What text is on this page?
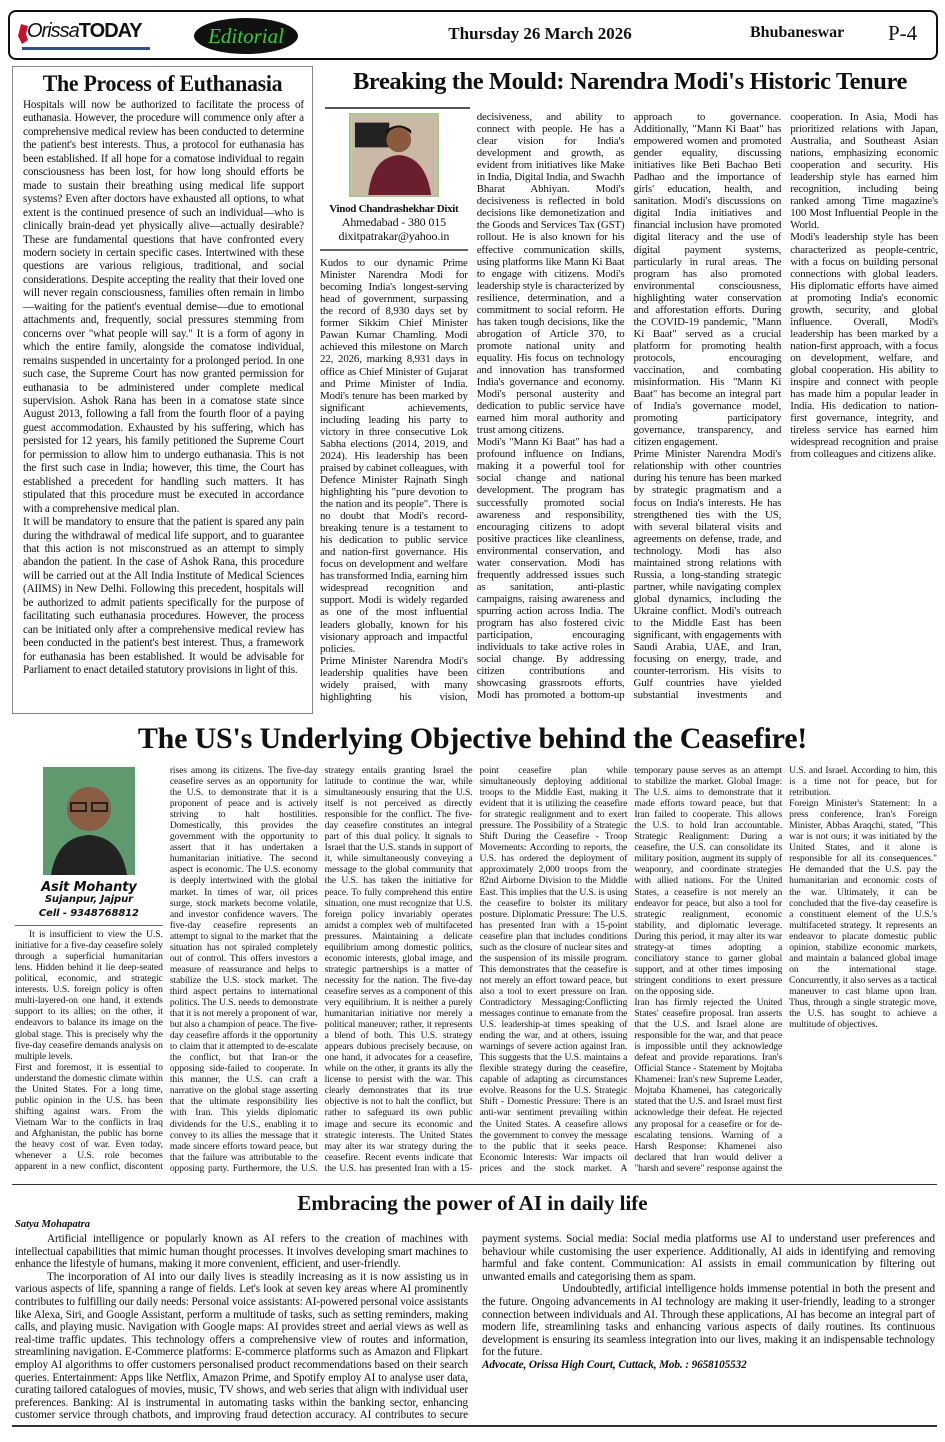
OrissaTODAY	Editorial	Thursday 26 March 2026	Bhubaneswar P-4
The Process of Euthanasia

Hospitals will now be authorized to facilitate the process of euthanasia. However, the procedure will commence only after a comprehensive medical review has been conducted to determine the patient's best interests. Thus, a protocol for euthanasia has been established. If all hope for a comatose individual to regain consciousness has been lost, for how long should efforts be made to sustain their breathing using medical life support systems? Even after doctors have exhausted all options, to what extent is the continued presence of such an individual—who is clinically brain-dead yet physically alive—actually desirable? These are fundamental questions that have confronted every modern society in certain specific cases. Intertwined with these questions are various religious, traditional, and social considerations. Despite accepting the reality that their loved one will never regain consciousness, families often remain in limbo—waiting for the patient's eventual demise—due to emotional attachments and, frequently, social pressures stemming from concerns over "what people will say." It is a form of agony in which the entire family, alongside the comatose individual, remains suspended in uncertainty for a prolonged period. In one such case, the Supreme Court has now granted permission for euthanasia to be administered under complete medical supervision. Ashok Rana has been in a comatose state since August 2013, following a fall from the fourth floor of a paying guest accommodation. Exhausted by his suffering, which has persisted for 12 years, his family petitioned the Supreme Court for permission to allow him to undergo euthanasia. This is not the first such case in India; however, this time, the Court has established a precedent for handling such matters. It has stipulated that this procedure must be executed in accordance with a comprehensive medical plan.

It will be mandatory to ensure that the patient is spared any pain during the withdrawal of medical life support, and to guarantee that this action is not misconstrued as an attempt to simply abandon the patient. In the case of Ashok Rana, this procedure will be carried out at the All India Institute of Medical Sciences (AIIMS) in New Delhi. Following this precedent, hospitals will be authorized to admit patients specifically for the purpose of facilitating such euthanasia procedures. However, the process can be initiated only after a comprehensive medical review has been conducted in the patient's best interest. Thus, a framework for euthanasia has been established. It would be advisable for Parliament to enact detailed statutory provisions in light of this.

Breaking the Mould: Narendra Modi's Historic Tenure
Vinod Chandrashekhar Dixit
Ahmedabad - 380 015
dixitpatrakar@yahoo.in

Kudos to our dynamic Prime Minister Narendra Modi for becoming India's longest-serving head of government, surpassing the record of 8,930 days set by former Sikkim Chief Minister Pawan Kumar Chamling. Modi achieved this milestone on March 22, 2026, marking 8,931 days in office as Chief Minister of Gujarat and Prime Minister of India. Modi's tenure has been marked by significant achievements, including leading his party to victory in three consecutive Lok Sabha elections (2014, 2019, and 2024). His leadership has been praised by cabinet colleagues, with Defence Minister Rajnath Singh highlighting his "pure devotion to the nation and its people". There is no doubt that Modi's record-breaking tenure is a testament to his dedication to public service and nation-first governance. His focus on development and welfare has transformed India, earning him widespread recognition and support. Modi is widely regarded as one of the most influential leaders globally, known for his visionary approach and impactful policies.

Prime Minister Narendra Modi's leadership qualities have been widely praised, with many highlighting his vision, decisiveness, and ability to connect with people. He has a clear vision for India's development and growth, as evident from initiatives like Make in India, Digital India, and Swachh Bharat Abhiyan. Modi's decisiveness is reflected in bold decisions like demonetization and the Goods and Services Tax (GST) rollout. He is also known for his effective communication skills, using platforms like Mann Ki Baat to engage with citizens. Modi's leadership style is characterized by resilience, determination, and a commitment to social reform. He has taken tough decisions, like the abrogation of Article 370, to promote national unity and equality. His focus on technology and innovation has transformed India's governance and economy. Modi's personal austerity and dedication to public service have earned him moral authority and trust among citizens.

Modi's "Mann Ki Baat" has had a profound influence on Indians, making it a powerful tool for social change and national development. The program has successfully promoted social awareness and responsibility, encouraging citizens to adopt positive practices like cleanliness, environmental conservation, and water conservation. Modi has frequently addressed issues such as sanitation, anti-plastic campaigns, raising awareness and spurring action across India. The program has also fostered civic participation, encouraging individuals to take active roles in social change. By addressing citizen contributions and showcasing grassroots efforts, Modi has promoted a bottom-up approach to governance. Additionally, "Mann Ki Baat" has empowered women and promoted gender equality, discussing initiatives like Beti Bachao Beti Padhao and the importance of girls' education, health, and sanitation. Modi's discussions on digital India initiatives and financial inclusion have promoted digital literacy and the use of digital payment systems, particularly in rural areas. The program has also promoted environmental consciousness, highlighting water conservation and afforestation efforts. During the COVID-19 pandemic, "Mann Ki Baat" served as a crucial platform for promoting health protocols, encouraging vaccination, and combating misinformation. His "Mann Ki Baat" has become an integral part of India's governance model, promoting participatory governance, transparency, and citizen engagement.

Prime Minister Narendra Modi's relationship with other countries during his tenure has been marked by strategic pragmatism and a focus on India's interests. He has strengthened ties with the US, with several bilateral visits and agreements on defense, trade, and technology. Modi has also maintained strong relations with Russia, a long-standing strategic partner, while navigating complex global dynamics, including the Ukraine conflict. Modi's outreach to the Middle East has been significant, with engagements with Saudi Arabia, UAE, and Iran, focusing on energy, trade, and counter-terrorism. His visits to Gulf countries have yielded substantial investments and cooperation. In Asia, Modi has prioritized relations with Japan, Australia, and Southeast Asian nations, emphasizing economic cooperation and security. His leadership style has earned him recognition, including being ranked among Time magazine's 100 Most Influential People in the World.

Modi's leadership style has been characterized as people-centric, with a focus on building personal connections with global leaders. His diplomatic efforts have aimed at promoting India's economic growth, security, and global influence. Overall, Modi's leadership has been marked by a nation-first approach, with a focus on development, welfare, and global cooperation. His ability to inspire and connect with people has made him a popular leader in India. His dedication to nation-first governance, integrity, and tireless service has earned him widespread recognition and praise from colleagues and citizens alike.

The US's Underlying Objective behind the Ceasefire!
Asit Mohanty
Sujanpur, Jajpur
Cell - 9348768812

It is insufficient to view the U.S. initiative for a five-day ceasefire solely through a superficial humanitarian lens. Hidden behind it lie deep-seated political, economic, and strategic interests. U.S. foreign policy is often multi-layered-on one hand, it extends support to its allies; on the other, it endeavors to balance its image on the global stage. This is precisely why the five-day ceasefire demands analysis on multiple levels.

First and foremost, it is essential to understand the domestic climate within the United States. For a long time, public opinion in the U.S. has been shifting against wars. From the Vietnam War to the conflicts in Iraq and Afghanistan, the public has borne the heavy cost of war. Even today, whenever a U.S. role becomes apparent in a new conflict, discontent rises among its citizens. The five-day ceasefire serves as an opportunity for the U.S. to demonstrate that it is a proponent of peace and is actively striving to halt hostilities. Domestically, this provides the government with the opportunity to assert that it has undertaken a humanitarian initiative. The second aspect is economic. The U.S. economy is deeply intertwined with the global market. In times of war, oil prices surge, stock markets become volatile, and investor confidence wavers. The five-day ceasefire represents an attempt to signal to the market that the situation has not spiraled completely out of control. This offers investors a measure of reassurance and helps to stabilize the U.S. stock market. The third aspect pertains to international politics. The U.S. needs to demonstrate that it is not merely a proponent of war, but also a champion of peace. The five-day ceasefire affords it the opportunity to claim that it attempted to de-escalate the conflict, but that Iran-or the opposing side-failed to cooperate. In this manner, the U.S. can craft a narrative on the global stage asserting that the ultimate responsibility lies with Iran. This yields diplomatic dividends for the U.S., enabling it to convey to its allies the message that it made sincere efforts toward peace, but that the failure was attributable to the opposing party. Furthermore, the U.S. strategy entails granting Israel the latitude to continue the war, while simultaneously ensuring that the U.S. itself is not perceived as directly responsible for the conflict. The five-day ceasefire constitutes an integral part of this dual policy. It signals to Israel that the U.S. stands in support of it, while simultaneously conveying a message to the global community that the U.S. has taken the initiative for peace. To fully comprehend this entire situation, one must recognize that U.S. foreign policy invariably operates amidst a complex web of multifaceted pressures. Maintaining a delicate equilibrium among domestic politics, economic interests, global image, and strategic partnerships is a matter of necessity for the nation. The five-day ceasefire serves as a component of this very equilibrium. It is neither a purely humanitarian initiative nor merely a political maneuver; rather, it represents a blend of both. This U.S. strategy appears dubious precisely because, on one hand, it advocates for a ceasefire, while on the other, it grants its ally the license to persist with the war. This clearly demonstrates that its true objective is not to halt the conflict, but rather to safeguard its own public image and secure its economic and strategic interests. The United States may alter its war strategy during the ceasefire. Recent events indicate that the U.S. has presented Iran with a 15-point ceasefire plan while simultaneously deploying additional troops to the Middle East, making it evident that it is utilizing the ceasefire for strategic realignment and to exert pressure. The Possibility of a Strategic Shift During the Ceasefire - Troop Movements: According to reports, the U.S. has ordered the deployment of approximately 2,000 troops from the 82nd Airborne Division to the Middle East. This implies that the U.S. is using the ceasefire to bolster its military posture. Diplomatic Pressure: The U.S. has presented Iran with a 15-point ceasefire plan that includes conditions such as the closure of nuclear sites and the suspension of its missile program. This demonstrates that the ceasefire is not merely an effort toward peace, but also a tool to exert pressure on Iran. Contradictory Messaging:Conflicting messages continue to emanate from the U.S. leadership-at times speaking of ending the war, and at others, issuing warnings of severe action against Iran. This suggests that the U.S. maintains a flexible strategy during the ceasefire, capable of adapting as circumstances evolve. Reasons for the U.S. Strategic Shift - Domestic Pressure: There is an anti-war sentiment prevailing within the United States. A ceasefire allows the government to convey the message to the public that it seeks peace. Economic Interests: War impacts oil prices and the stock market. A temporary pause serves as an attempt to stabilize the market. Global Image: The U.S. aims to demonstrate that it made efforts toward peace, but that Iran failed to cooperate. This allows the U.S. to hold Iran accountable. Strategic Realignment: During a ceasefire, the U.S. can consolidate its military position, augment its supply of weaponry, and coordinate strategies with allied nations. For the United States, a ceasefire is not merely an endeavor for peace, but also a tool for strategic realignment, economic stability, and diplomatic leverage. During this period, it may alter its war strategy-at times adopting a conciliatory stance to garner global support, and at other times imposing stringent conditions to exert pressure on the opposing side.

Iran has firmly rejected the United States' ceasefire proposal. Iran asserts that the U.S. and Israel alone are responsible for the war, and that peace is impossible until they acknowledge defeat and provide reparations. Iran's Official Stance - Statement by Mojtaba Khamenei: Iran's new Supreme Leader, Mojtaba Khamenei, has categorically stated that the U.S. and Israel must first acknowledge their defeat. He rejected any proposal for a ceasefire or for de-escalating tensions. Warning of a Harsh Response: Khamenei also declared that Iran would deliver a "harsh and severe" response against the U.S. and Israel. According to him, this is a time not for peace, but for retribution.

Foreign Minister's Statement: In a press conference, Iran's Foreign Minister, Abbas Araqchi, stated, "This war is not ours; it was initiated by the United States, and it alone is responsible for all its consequences." He demanded that the U.S. pay the humanitarian and economic costs of the war. Ultimately, it can be concluded that the five-day ceasefire is a constituent element of the U.S.'s multifaceted strategy. It represents an endeavor to placate domestic public opinion, stabilize economic markets, and maintain a balanced global image on the international stage. Concurrently, it also serves as a tactical maneuver to cast blame upon Iran. Thus, through a single strategic move, the U.S. has sought to achieve a multitude of objectives.

Embracing the power of AI in daily life
Satya Mohapatra

Artificial intelligence or popularly known as AI refers to the creation of machines with intellectual capabilities that mimic human thought processes. It involves developing smart machines to enhance the lifestyle of humans, making it more convenient, efficient, and user-friendly.

The incorporation of AI into our daily lives is steadily increasing as it is now assisting us in various aspects of life, spanning a range of fields. Let's look at seven key areas where AI prominently contributes to fulfilling our daily needs: Personal voice assistants: AI-powered personal voice assistants like Alexa, Siri, and Google Assistant, perform a multitude of tasks, such as setting reminders, making calls, and playing music. Navigation with Google maps: AI provides street and aerial views as well as real-time traffic updates. This technology offers a comprehensive view of routes and information, streamlining navigation. E-Commerce platforms: E-commerce platforms such as Amazon and Flipkart employ AI algorithms to offer customers personalised product recommendations based on their search queries. Entertainment: Apps like Netflix, Amazon Prime, and Spotify employ AI to analyse user data, curating tailored catalogues of movies, music, TV shows, and web series that align with individual user preferences. Banking: AI is instrumental in automating tasks within the banking sector, enhancing customer service through chatbots, and improving fraud detection accuracy. AI contributes to secure payment systems. Social media: Social media platforms use AI to understand user preferences and behaviour while customising the user experience. Additionally, AI aids in identifying and removing harmful and fake content. Communication: AI assists in email communication by filtering out unwanted emails and categorising them as spam.

Undoubtedly, artificial intelligence holds immense potential in both the present and the future. Ongoing advancements in AI technology are making it user-friendly, leading to a stronger connection between individuals and AI. Through these applications, AI has become an integral part of modern life, streamlining tasks and enhancing various aspects of daily routines. Its continuous development is ensuring its seamless integration into our lives, making it an indispensable technology for the future.

Advocate, Orissa High Court, Cuttack, Mob. : 9658105532
